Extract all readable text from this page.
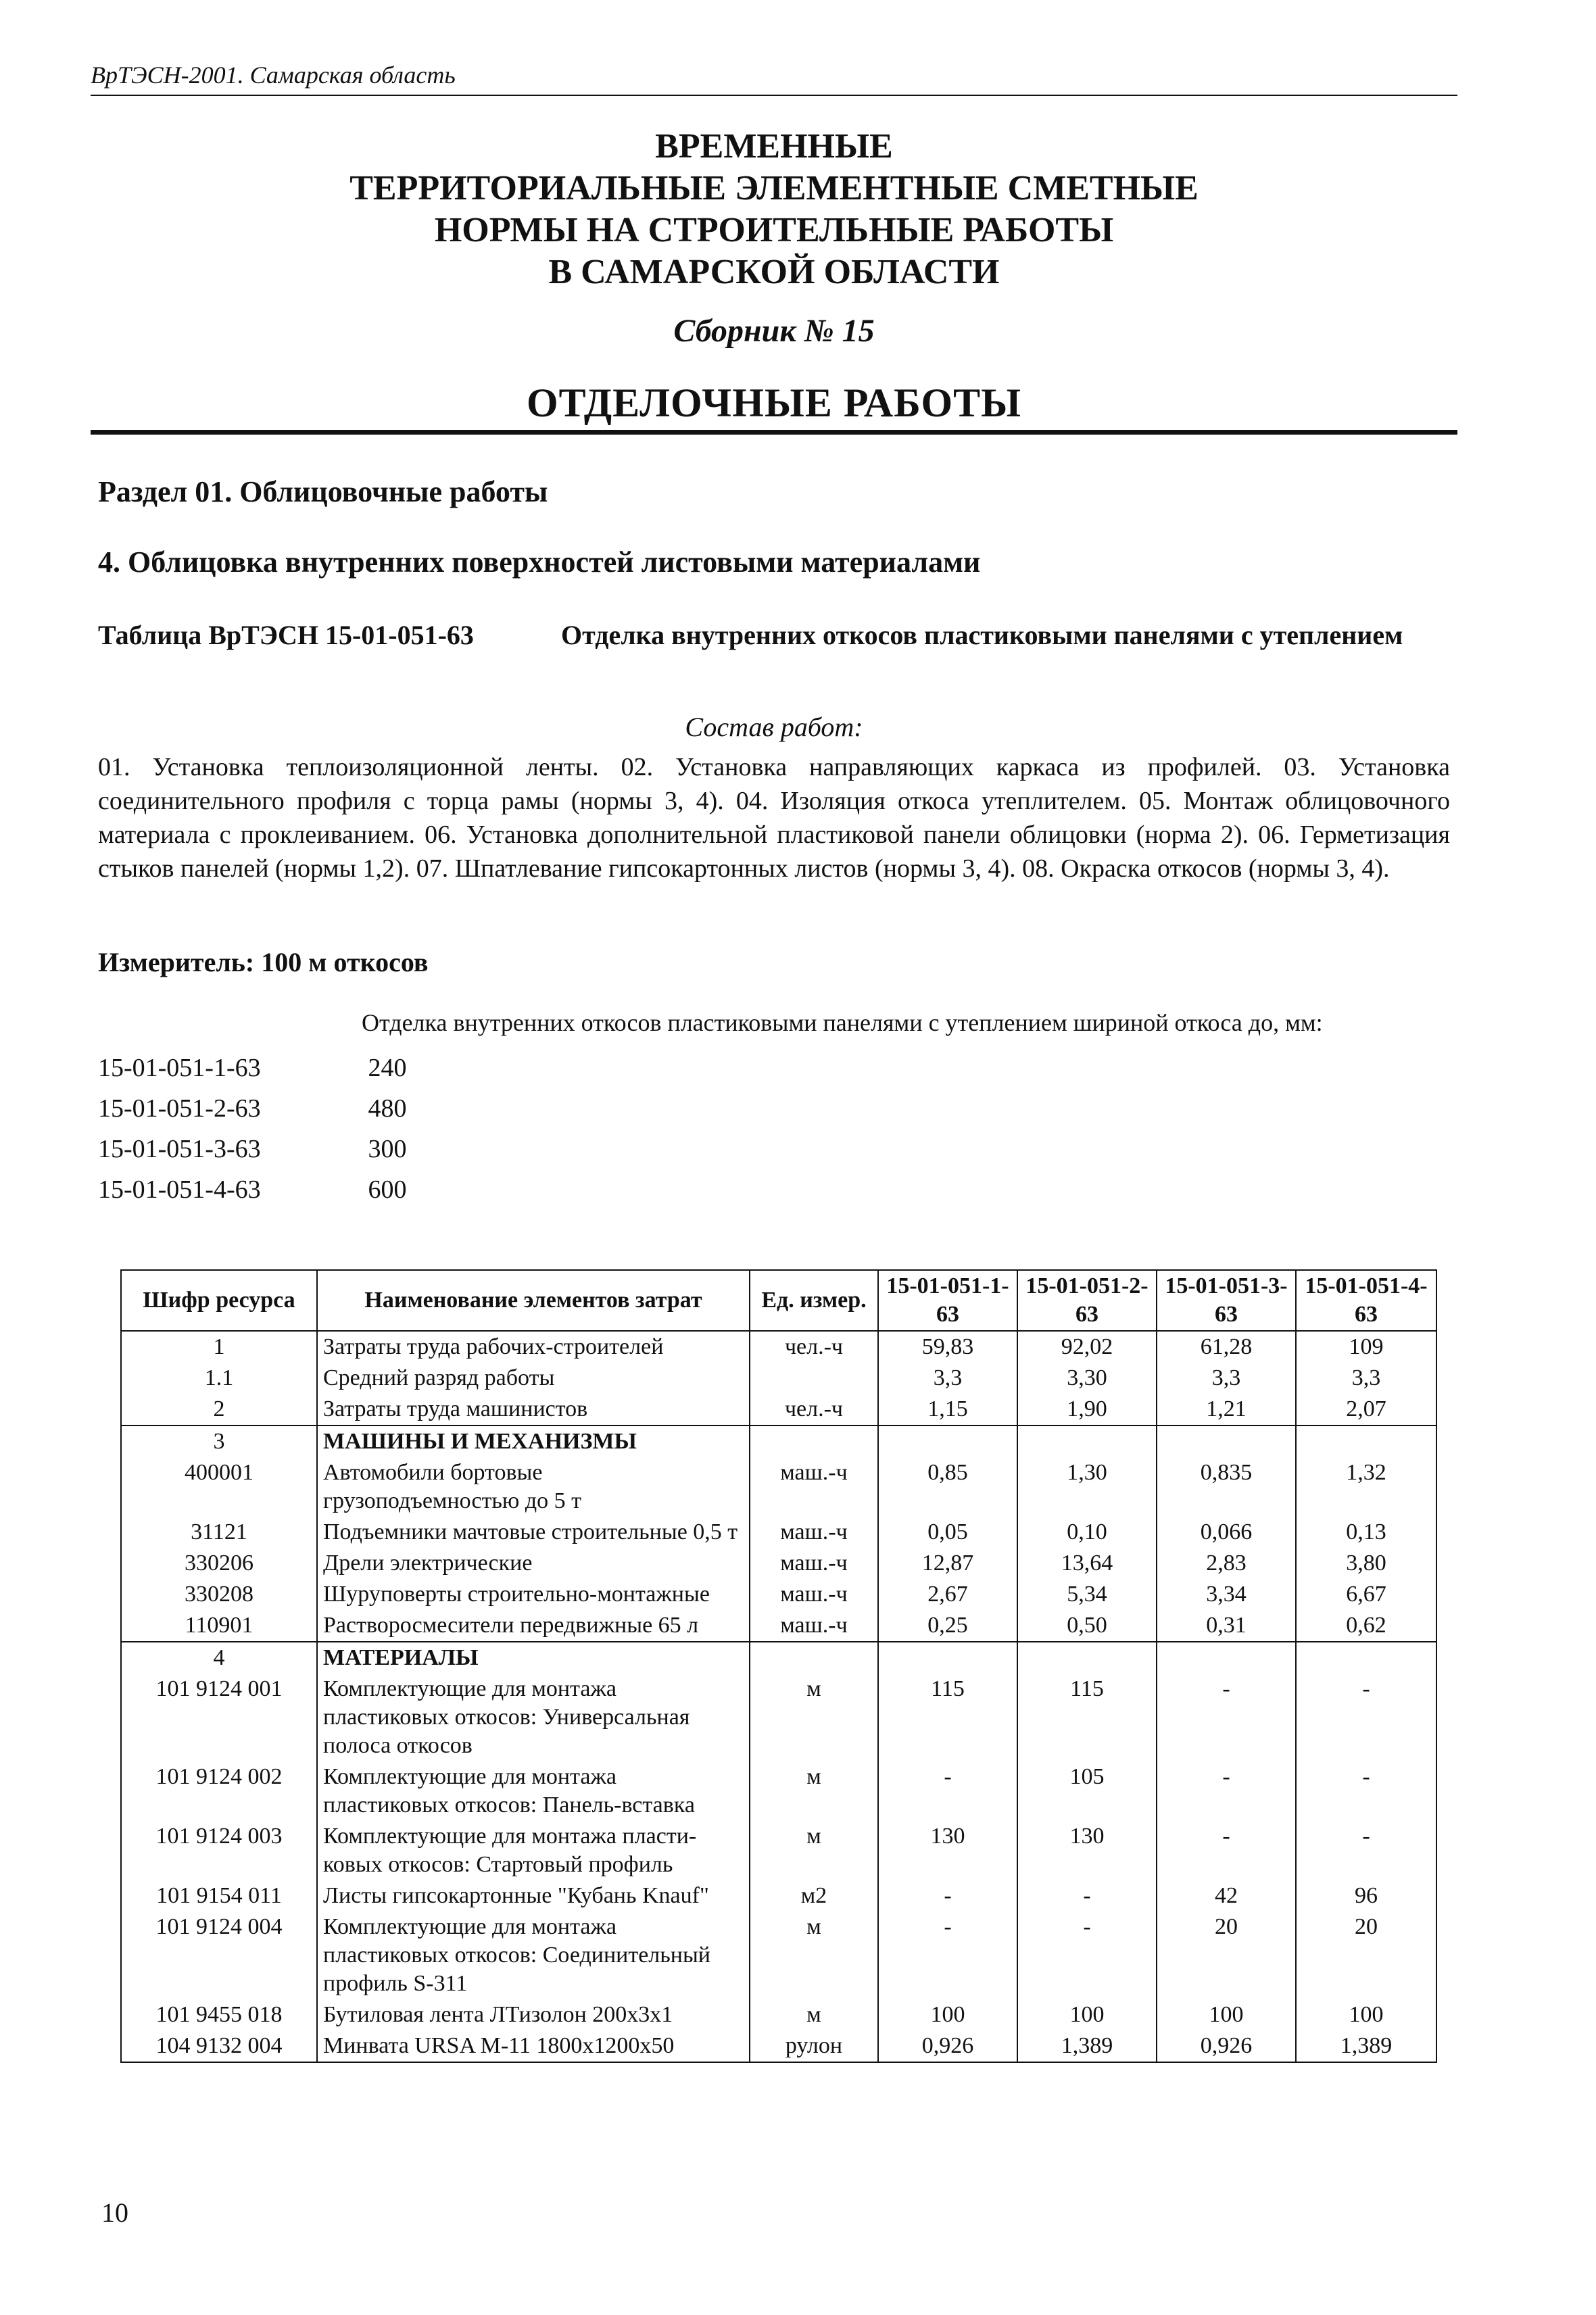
ВрТЭСН-2001. Самарская область
ВРЕМЕННЫЕ
ТЕРРИТОРИАЛЬНЫЕ ЭЛЕМЕНТНЫЕ СМЕТНЫЕ
НОРМЫ НА СТРОИТЕЛЬНЫЕ РАБОТЫ
В САМАРСКОЙ ОБЛАСТИ
Сборник № 15
ОТДЕЛОЧНЫЕ РАБОТЫ
Раздел 01. Облицовочные работы
4. Облицовка внутренних поверхностей листовыми материалами
Таблица ВрТЭСН 15-01-051-63	Отделка внутренних откосов пластиковыми панелями с утеплением
Состав работ:
01. Установка теплоизоляционной ленты. 02. Установка направляющих каркаса из профилей. 03. Установка соединительного профиля с торца рамы (нормы 3, 4). 04. Изоляция откоса утеплителем. 05. Монтаж облицовочного материала с проклеиванием. 06. Установка дополнительной пластиковой панели облицовки (норма 2). 06. Герметизация стыков панелей (нормы 1,2). 07. Шпатлевание гипсокартонных листов (нормы 3, 4). 08. Окраска откосов (нормы 3, 4).
Измеритель: 100 м откосов
Отделка внутренних откосов пластиковыми панелями с утеплением шириной откоса до, мм:
15-01-051-1-63	240
15-01-051-2-63	480
15-01-051-3-63	300
15-01-051-4-63	600
Шифр ресурса	Наименование элементов затрат	Ед. измер.	15-01-051-1-63	15-01-051-2-63	15-01-051-3-63	15-01-051-4-63
1	Затраты труда рабочих-строителей	чел.-ч	59,83	92,02	61,28	109
1.1	Средний разряд работы		3,3	3,30	3,3	3,3
2	Затраты труда машинистов	чел.-ч	1,15	1,90	1,21	2,07
3	МАШИНЫ И МЕХАНИЗМЫ					
400001	Автомобили бортовые грузоподъемностью до 5 т	маш.-ч	0,85	1,30	0,835	1,32
31121	Подъемники мачтовые строительные 0,5 т	маш.-ч	0,05	0,10	0,066	0,13
330206	Дрели электрические	маш.-ч	12,87	13,64	2,83	3,80
330208	Шуруповерты строительно-монтажные	маш.-ч	2,67	5,34	3,34	6,67
110901	Растворосмесители передвижные 65 л	маш.-ч	0,25	0,50	0,31	0,62
4	МАТЕРИАЛЫ					
101 9124 001	Комплектующие для монтажа пластиковых откосов: Универсальная полоса откосов	м	115	115	-	-
101 9124 002	Комплектующие для монтажа пластиковых откосов: Панель-вставка	м	-	105	-	-
101 9124 003	Комплектующие для монтажа пласти-ковых откосов: Стартовый профиль	м	130	130	-	-
101 9154 011	Листы гипсокартонные "Кубань Knauf"	м2	-	-	42	96
101 9124 004	Комплектующие для монтажа пластиковых откосов: Соединительный профиль S-311	м	-	-	20	20
101 9455 018	Бутиловая лента ЛТизолон 200х3х1	м	100	100	100	100
104 9132 004	Минвата URSA М-11 1800х1200х50	рулон	0,926	1,389	0,926	1,389
10
